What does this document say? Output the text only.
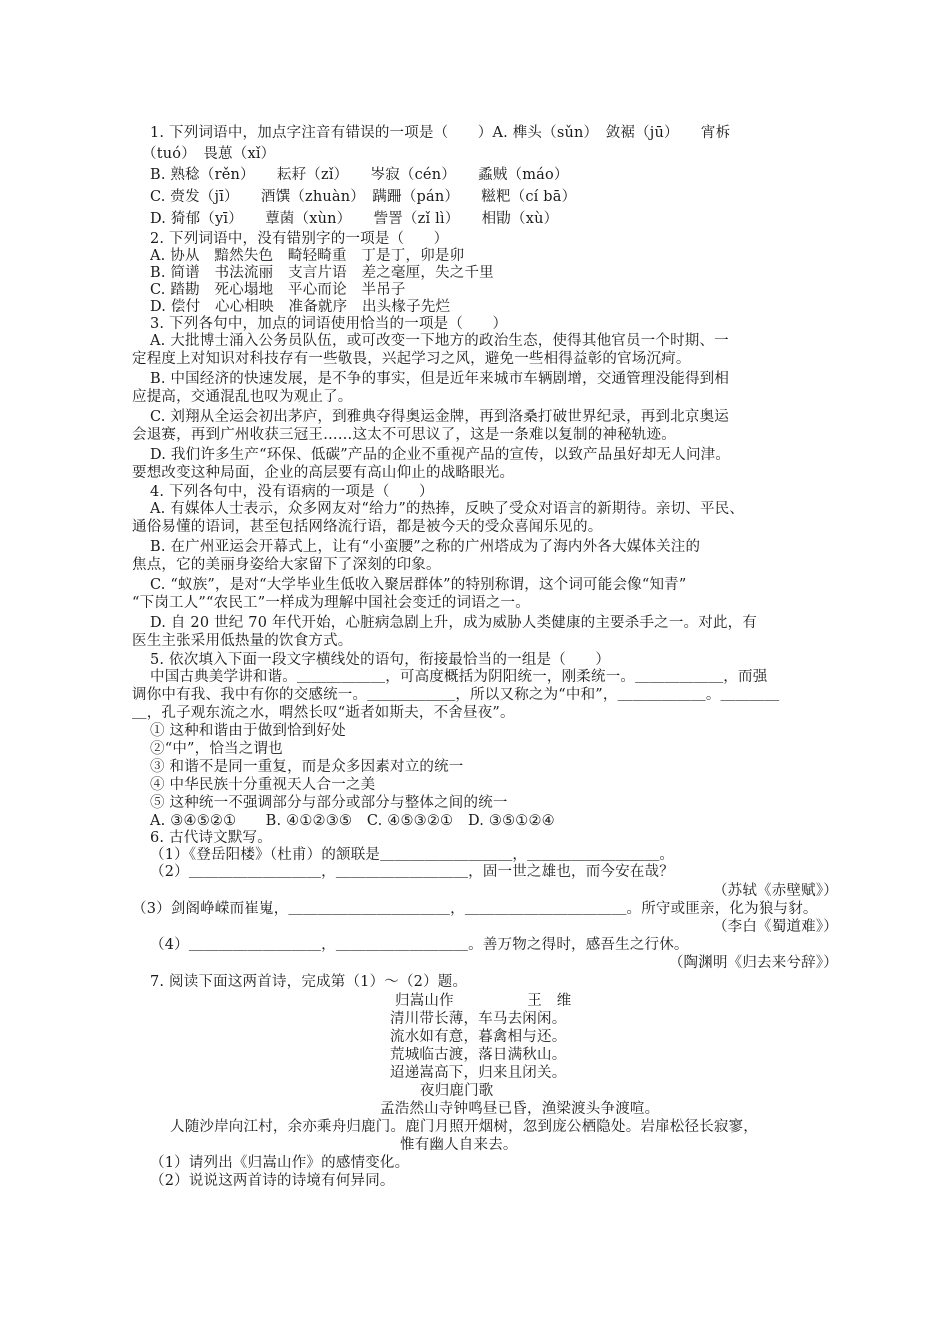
1. 下列词语中，加点字注音有错误的一项是（　　）A. 榫头（sǔn）　敛裾（jū）　　宵柝
（tuó）　畏葸（xǐ）
B. 熟稔（rěn）　　耘耔（zǐ）　　岑寂（cén）　　蟊贼（máo）
C. 赍发（jī）　　酒馔（zhuàn）　蹒跚（pán）　　糍粑（cí bā）
D. 猗郁（yī）　　蕈菌（xùn）　　訾詈（zǐ lì）　　相勖（xù）
2. 下列词语中，没有错别字的一项是（　　）
A. 协从　黯然失色　畸轻畸重　丁是丁，卯是卯
B. 简谱　书法流丽　支言片语　差之毫厘，失之千里
C. 踏勘　死心塌地　平心而论　半吊子
D. 偿付　心心相映　准备就序　出头椽子先烂
3. 下列各句中，加点的词语使用恰当的一项是（　　）
A. 大批博士涌入公务员队伍，或可改变一下地方的政治生态，使得其他官员一个时期、一
定程度上对知识对科技存有一些敬畏，兴起学习之风，避免一些相得益彰的官场沉疴。
B. 中国经济的快速发展，是不争的事实，但是近年来城市车辆剧增，交通管理没能得到相
应提高，交通混乱也叹为观止了。
C. 刘翔从全运会初出茅庐，到雅典夺得奥运金牌，再到洛桑打破世界纪录，再到北京奥运
会退赛，再到广州收获三冠王……这太不可思议了，这是一条难以复制的神秘轨迹。
D. 我们许多生产“环保、低碳”产品的企业不重视产品的宣传，以致产品虽好却无人问津。
要想改变这种局面，企业的高层要有高山仰止的战略眼光。
4. 下列各句中，没有语病的一项是（　　）
A. 有媒体人士表示，众多网友对“给力”的热捧，反映了受众对语言的新期待。亲切、平民、
通俗易懂的语词，甚至包括网络流行语，都是被今天的受众喜闻乐见的。
B. 在广州亚运会开幕式上，让有“小蛮腰”之称的广州塔成为了海内外各大媒体关注的
焦点，它的美丽身姿给大家留下了深刻的印象。
C. “蚁族”，是对“大学毕业生低收入聚居群体”的特别称谓，这个词可能会像“知青”
“下岗工人”“农民工”一样成为理解中国社会变迁的词语之一。
D. 自 20 世纪 70 年代开始，心脏病急剧上升，成为威胁人类健康的主要杀手之一。对此，有
医生主张采用低热量的饮食方式。
5. 依次填入下面一段文字横线处的语句，衔接最恰当的一组是（　　）
中国古典美学讲和谐。＿＿＿＿＿＿，可高度概括为阴阳统一，刚柔统一。＿＿＿＿＿＿，而强
调你中有我、我中有你的交感统一。＿＿＿＿＿＿，所以又称之为“中和”，＿＿＿＿＿＿。＿＿＿＿
＿，孔子观东流之水，喟然长叹“逝者如斯夫，不舍昼夜”。
① 这种和谐由于做到恰到好处
②“中”，恰当之谓也
③ 和谐不是同一重复，而是众多因素对立的统一
④ 中华民族十分重视天人合一之美
⑤ 这种统一不强调部分与部分或部分与整体之间的统一
A. ③④⑤②①　　B. ④①②③⑤　C. ④⑤③②①　D. ③⑤①②④
6. 古代诗文默写。
（1）《登岳阳楼》（杜甫）的颔联是＿＿＿＿＿＿＿＿＿，＿＿＿＿＿＿＿＿＿。
（2）＿＿＿＿＿＿＿＿＿，＿＿＿＿＿＿＿＿＿，固一世之雄也，而今安在哉？
（苏轼《赤壁赋》）
（3）剑阁峥嵘而崔嵬，＿＿＿＿＿＿＿＿＿＿＿，＿＿＿＿＿＿＿＿＿＿＿。所守或匪亲，化为狼与豺。
（李白《蜀道难》）
（4）＿＿＿＿＿＿＿＿＿，＿＿＿＿＿＿＿＿＿。善万物之得时，感吾生之行休。
（陶渊明《归去来兮辞》）
7. 阅读下面这两首诗，完成第（1）～（2）题。
归嵩山作　　　　　王　维
清川带长薄，车马去闲闲。
流水如有意，暮禽相与还。
荒城临古渡，落日满秋山。
迢递嵩高下，归来且闭关。
夜归鹿门歌
孟浩然山寺钟鸣昼已昏，渔梁渡头争渡喧。
人随沙岸向江村，余亦乘舟归鹿门。鹿门月照开烟树，忽到庞公栖隐处。岩扉松径长寂寥，
惟有幽人自来去。
（1）请列出《归嵩山作》的感情变化。
（2）说说这两首诗的诗境有何异同。
